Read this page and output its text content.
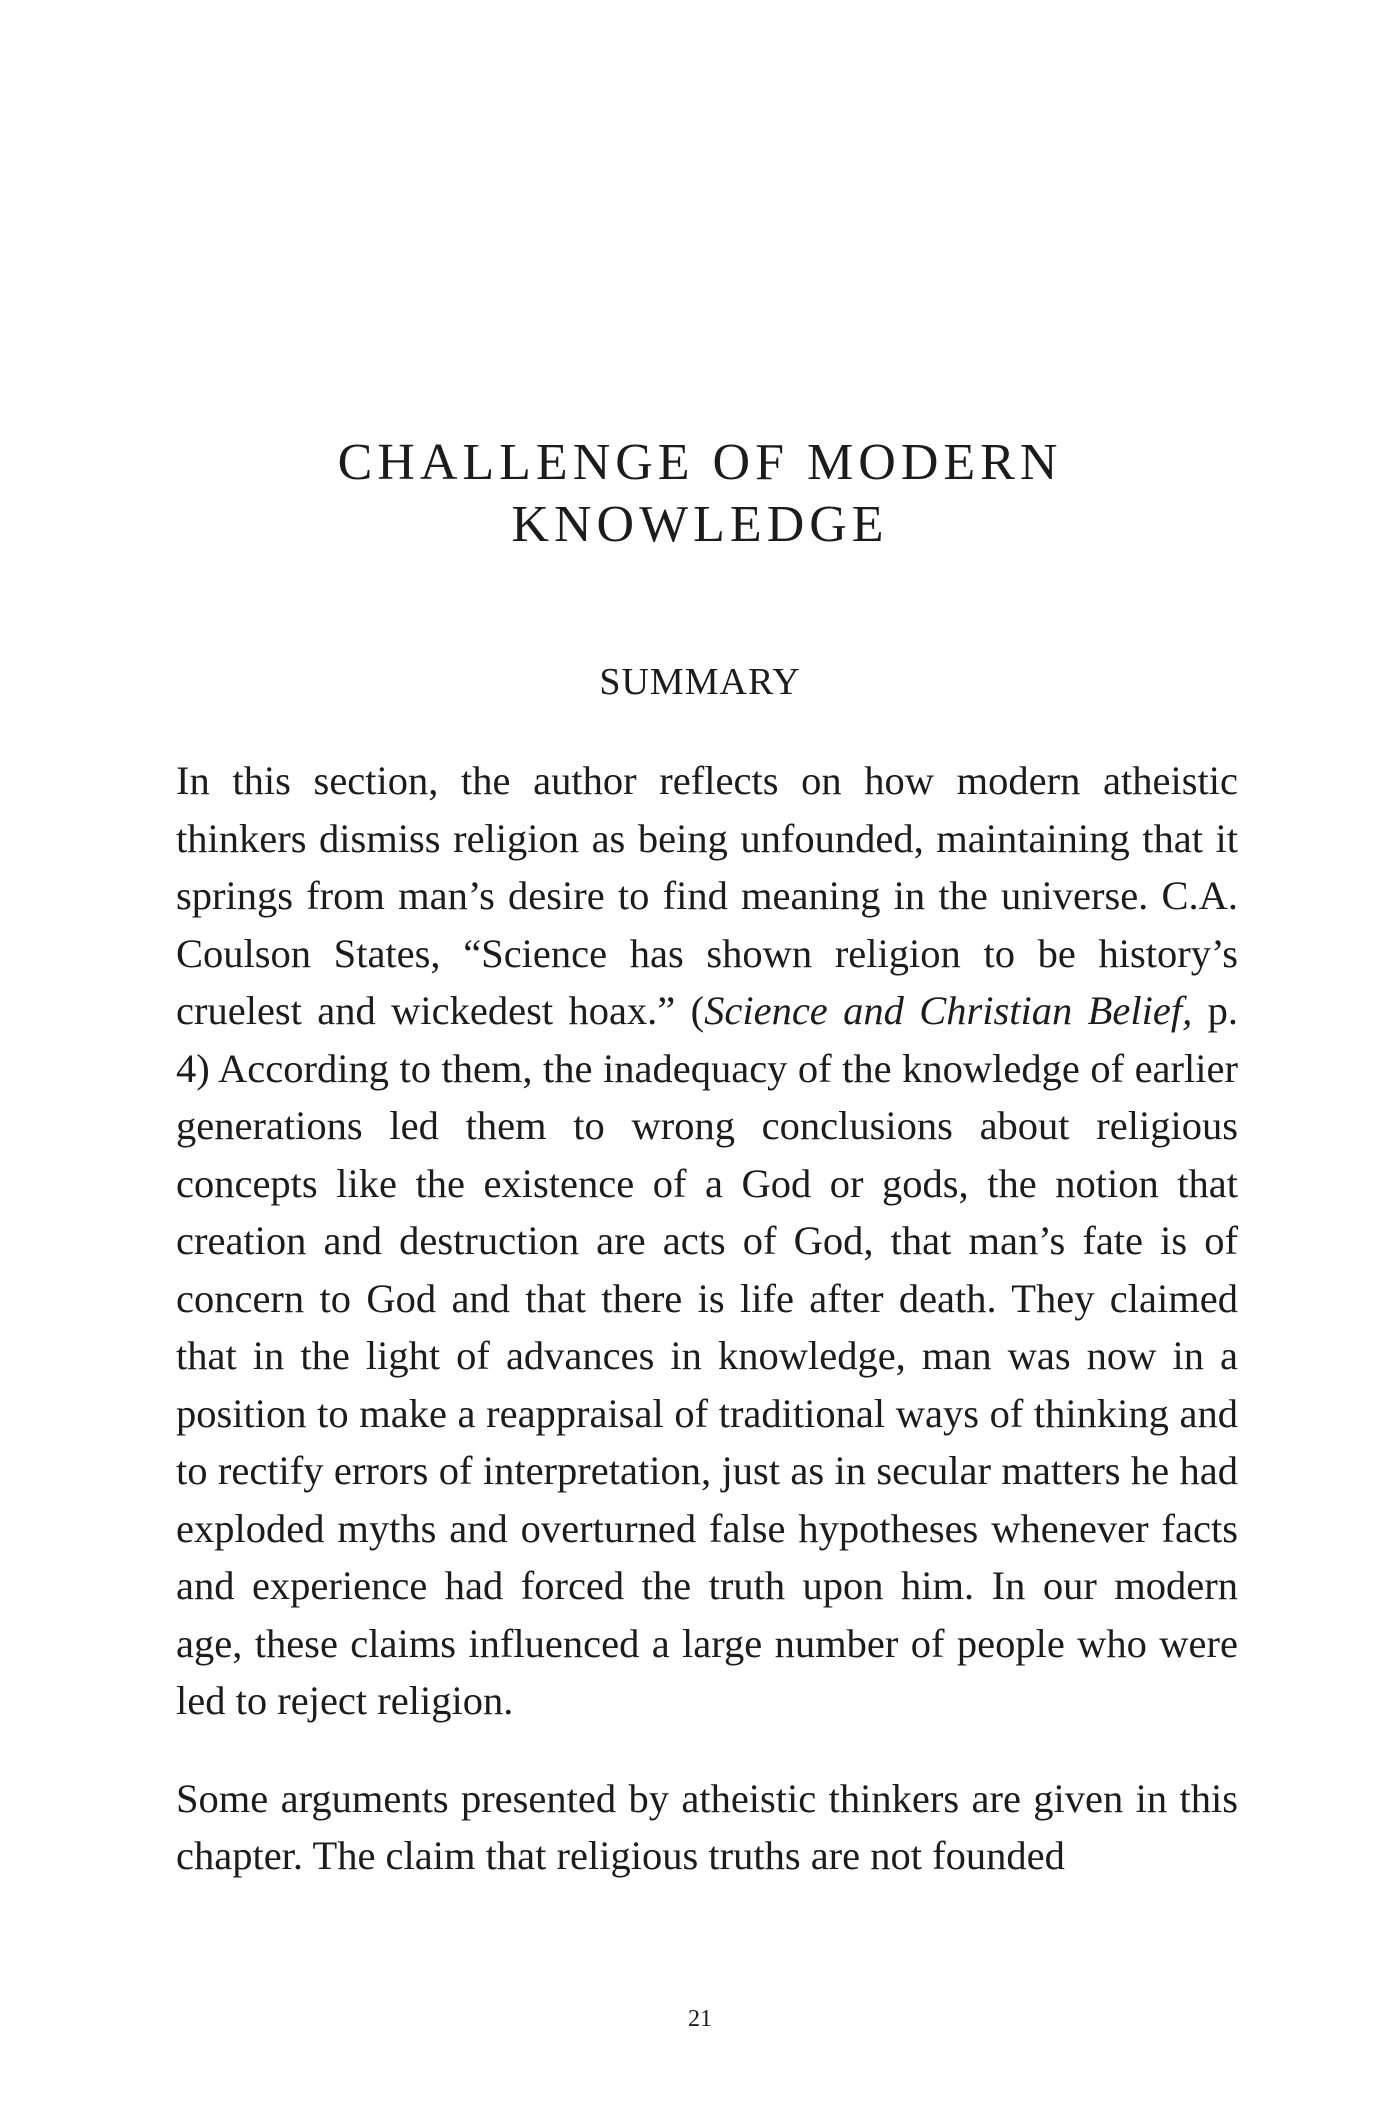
CHALLENGE OF MODERN
KNOWLEDGE
SUMMARY

In this section, the author reflects on how modern atheistic thinkers dismiss religion as being unfounded, maintaining that it springs from man’s desire to find meaning in the universe. C.A. Coulson States, “Science has shown religion to be history’s cruelest and wickedest hoax.” (Science and Christian Belief, p. 4) According to them, the inadequacy of the knowledge of earlier generations led them to wrong conclusions about religious concepts like the existence of a God or gods, the notion that creation and destruction are acts of God, that man’s fate is of concern to God and that there is life after death. They claimed that in the light of advances in knowledge, man was now in a position to make a reappraisal of traditional ways of thinking and to rectify errors of interpretation, just as in secular matters he had exploded myths and overturned false hypotheses whenever facts and experience had forced the truth upon him. In our modern age, these claims influenced a large number of people who were led to reject religion.

Some arguments presented by atheistic thinkers are given in this chapter. The claim that religious truths are not founded

21
